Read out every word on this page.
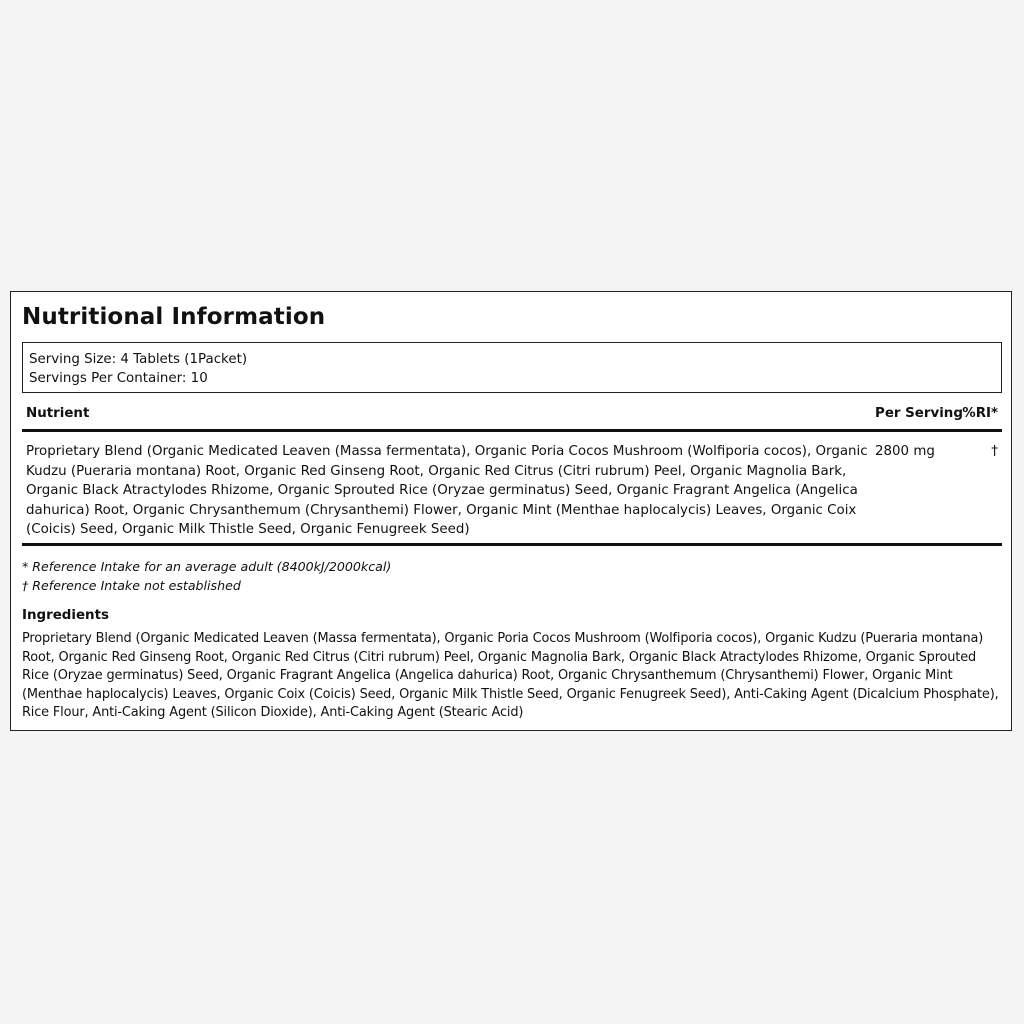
Nutritional Information
Serving Size: 4 Tablets (1Packet)
Servings Per Container: 10
Nutrient	Per Serving %RI*
Proprietary Blend (Organic Medicated Leaven (Massa fermentata), Organic Poria Cocos Mushroom (Wolfiporia cocos), Organic Kudzu (Pueraria montana) Root, Organic Red Ginseng Root, Organic Red Citrus (Citri rubrum) Peel, Organic Magnolia Bark, Organic Black Atractylodes Rhizome, Organic Sprouted Rice (Oryzae germinatus) Seed, Organic Fragrant Angelica (Angelica dahurica) Root, Organic Chrysanthemum (Chrysanthemi) Flower, Organic Mint (Menthae haplocalycis) Leaves, Organic Coix (Coicis) Seed, Organic Milk Thistle Seed, Organic Fenugreek Seed)
2800 mg	†
* Reference Intake for an average adult (8400kJ/2000kcal)
† Reference Intake not established
Ingredients
Proprietary Blend (Organic Medicated Leaven (Massa fermentata), Organic Poria Cocos Mushroom (Wolfiporia cocos), Organic Kudzu (Pueraria montana) Root, Organic Red Ginseng Root, Organic Red Citrus (Citri rubrum) Peel, Organic Magnolia Bark, Organic Black Atractylodes Rhizome, Organic Sprouted Rice (Oryzae germinatus) Seed, Organic Fragrant Angelica (Angelica dahurica) Root, Organic Chrysanthemum (Chrysanthemi) Flower, Organic Mint (Menthae haplocalycis) Leaves, Organic Coix (Coicis) Seed, Organic Milk Thistle Seed, Organic Fenugreek Seed), Anti-Caking Agent (Dicalcium Phosphate), Rice Flour, Anti-Caking Agent (Silicon Dioxide), Anti-Caking Agent (Stearic Acid)
